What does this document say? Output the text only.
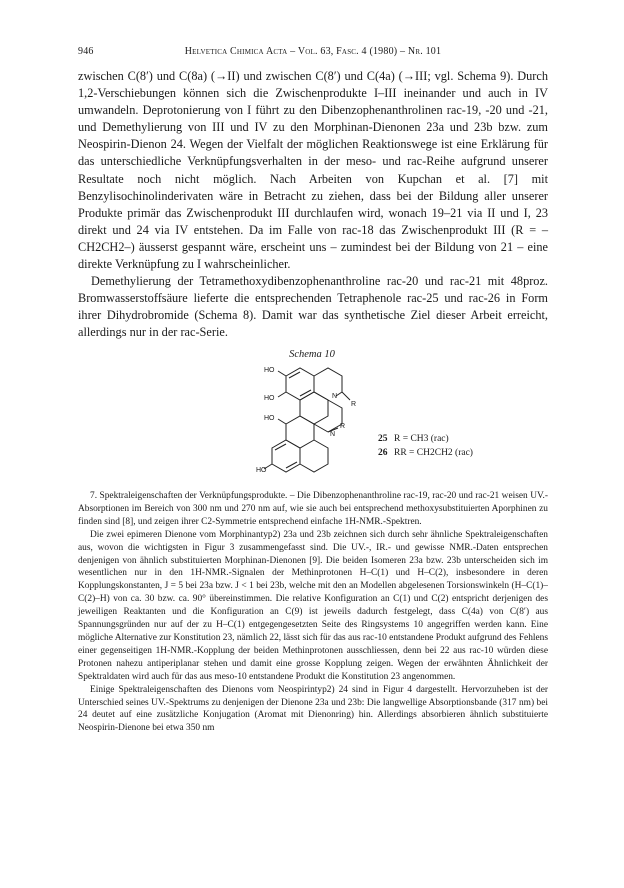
946	Helvetica Chimica Acta – Vol. 63, Fasc. 4 (1980) – Nr. 101

zwischen C(8′) und C(8a) (→II) und zwischen C(8′) und C(4a) (→III; vgl. Schema 9). Durch 1,2-Verschiebungen können sich die Zwischenprodukte I–III ineinander und auch in IV umwandeln. Deprotonierung von I führt zu den Dibenzophenanthrolinen rac-19, -20 und -21, und Demethylierung von III und IV zu den Morphinan-Dienonen 23a und 23b bzw. zum Neospirin-Dienon 24. Wegen der Vielfalt der möglichen Reaktionswege ist eine Erklärung für das unterschiedliche Verknüpfungsverhalten in der meso- und rac-Reihe aufgrund unserer Resultate noch nicht möglich. Nach Arbeiten von Kupchan et al. [7] mit Benzylisochinolinderivaten wäre in Betracht zu ziehen, dass bei der Bildung aller unserer Produkte primär das Zwischenprodukt III durchlaufen wird, wonach 19–21 via II und I, 23 direkt und 24 via IV entstehen. Da im Falle von rac-18 das Zwischenprodukt III (R = –CH2CH2–) äusserst gespannt wäre, erscheint uns – zumindest bei der Bildung von 21 – eine direkte Verknüpfung zu I wahrscheinlicher.

Demethylierung der Tetramethoxydibenzophenanthroline rac-20 und rac-21 mit 48proz. Bromwasserstoffsäure lieferte die entsprechenden Tetraphenole rac-25 und rac-26 in Form ihrer Dihydrobromide (Schema 8). Damit war das synthetische Ziel dieser Arbeit erreicht, allerdings nur in der rac-Serie.

Schema 10
HO
HO
HO
HO
N
R
N
R
25 R = CH3 (rac)
26 RR = CH2CH2 (rac)

7. Spektraleigenschaften der Verknüpfungsprodukte. – Die Dibenzophenanthroline rac-19, rac-20 und rac-21 weisen UV.-Absorptionen im Bereich von 300 nm und 270 nm auf, wie sie auch bei entsprechend methoxysubstituierten Aporphinen zu finden sind [8], und zeigen ihrer C2-Symmetrie entsprechend einfache 1H-NMR.-Spektren.

Die zwei epimeren Dienone vom Morphinantyp2) 23a und 23b zeichnen sich durch sehr ähnliche Spektraleigenschaften aus, wovon die wichtigsten in Figur 3 zusammengefasst sind. Die UV.-, IR.- und gewisse NMR.-Daten entsprechen denjenigen von ähnlich substituierten Morphinan-Dienonen [9]. Die beiden Isomeren 23a bzw. 23b unterscheiden sich im wesentlichen nur in den 1H-NMR.-Signalen der Methinprotonen H–C(1) und H–C(2), insbesondere in deren Kopplungskonstanten, J = 5 bei 23a bzw. J < 1 bei 23b, welche mit den an Modellen abgelesenen Torsionswinkeln (H–C(1)–C(2)–H) von ca. 30 bzw. ca. 90° übereinstimmen. Die relative Konfiguration an C(1) und C(2) entspricht derjenigen des jeweiligen Reaktanten und die Konfiguration an C(9) ist jeweils dadurch festgelegt, dass C(4a) von C(8′) aus Spannungsgründen nur auf der zu H–C(1) entgegengesetzten Seite des Ringsystems 10 angegriffen werden kann. Eine mögliche Alternative zur Konstitution 23, nämlich 22, lässt sich für das aus rac-10 entstandene Produkt aufgrund des Fehlens einer gegenseitigen 1H-NMR.-Kopplung der beiden Methinprotonen ausschliessen, denn bei 22 aus rac-10 würden diese Protonen nahezu antiperiplanar stehen und damit eine grosse Kopplung zeigen. Wegen der erwähnten Ähnlichkeit der Spektraldaten wird auch für das aus meso-10 entstandene Produkt die Konstitution 23 angenommen.

Einige Spektraleigenschaften des Dienons vom Neospirintyp2) 24 sind in Figur 4 dargestellt. Hervorzuheben ist der Unterschied seines UV.-Spektrums zu denjenigen der Dienone 23a und 23b: Die langwellige Absorptionsbande (317 nm) bei 24 deutet auf eine zusätzliche Konjugation (Aromat mit Dienonring) hin. Allerdings absorbieren ähnlich substituierte Neospirin-Dienone bei etwa 350 nm
